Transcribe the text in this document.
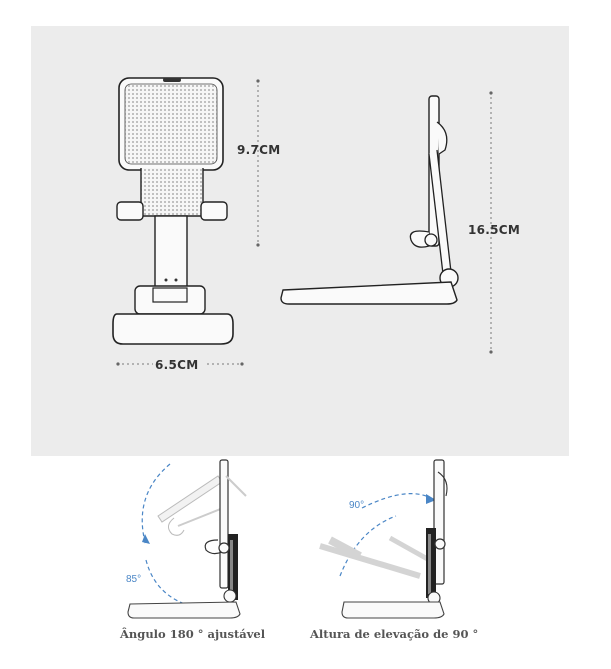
9.7CM
6.5CM
16.5CM
85°
90°
Ângulo 180 ° ajustável	Altura de elevação de 90 °
